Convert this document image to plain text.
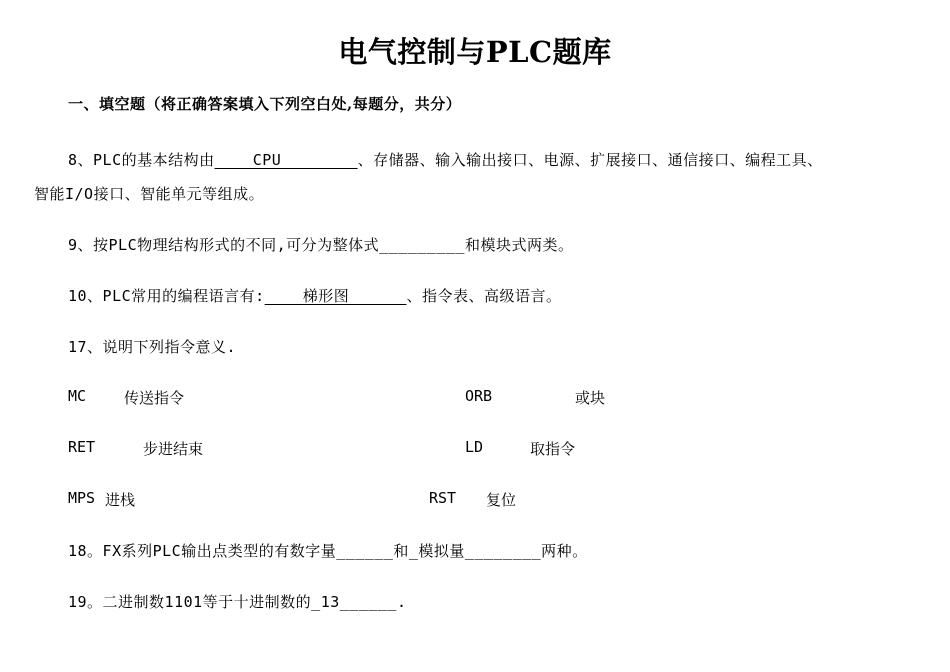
电气控制与PLC题库
一、填空题（将正确答案填入下列空白处,每题分，共分）
8、PLC的基本结构由____CPU________、存储器、输入输出接口、电源、扩展接口、通信接口、编程工具、
智能I/O接口、智能单元等组成。
9、按PLC物理结构形式的不同,可分为整体式_________和模块式两类。
10、PLC常用的编程语言有:____梯形图______、指令表、高级语言。
17、说明下列指令意义.
MC	传送指令	ORB	或块
RET	步进结束	LD	取指令
MPS 进栈	RST 复位
18。FX系列PLC输出点类型的有数字量______和_模拟量________两种。
19。二进制数1101等于十进制数的_13______.
